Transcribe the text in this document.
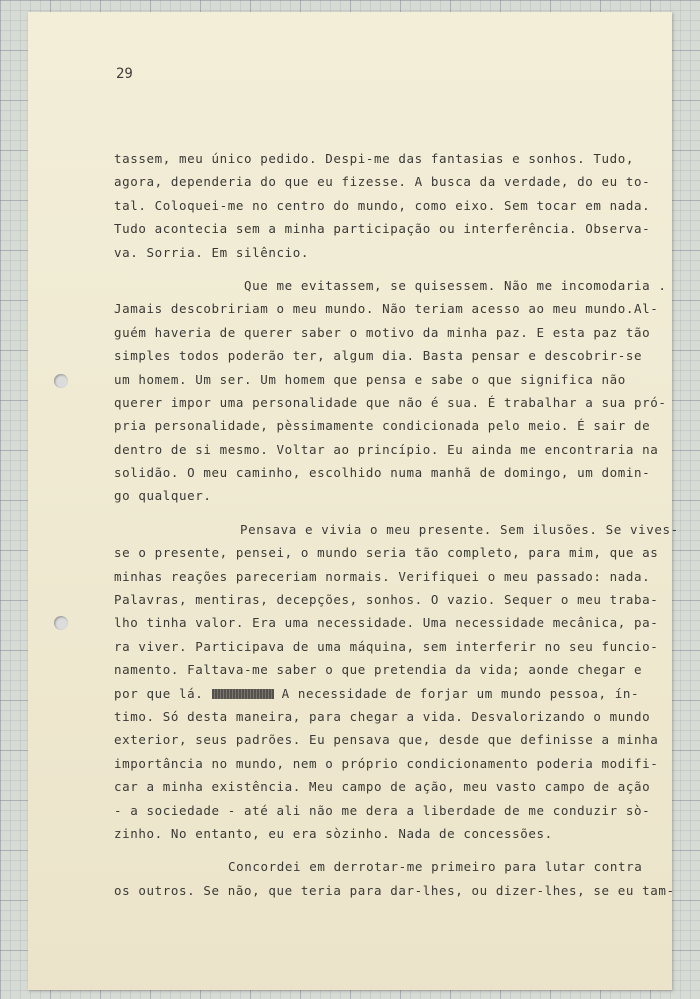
29
tassem, meu único pedido. Despi-me das fantasias e sonhos. Tudo,
agora, dependeria do que eu fizesse. A busca da verdade, do eu to-
tal. Coloquei-me no centro do mundo, como eixo. Sem tocar em nada.
Tudo acontecia sem a minha participação ou interferência. Observa-
va. Sorria. Em silêncio.
Que me evitassem, se quisessem. Não me incomodaria .
Jamais descobririam o meu mundo. Não teriam acesso ao meu mundo.Al-
guém haveria de querer saber o motivo da minha paz. E esta paz tão
simples todos poderão ter, algum dia. Basta pensar e descobrir-se
um homem. Um ser. Um homem que pensa e sabe o que significa não
querer impor uma personalidade que não é sua. É trabalhar a sua pró-
pria personalidade, pèssimamente condicionada pelo meio. É sair de
dentro de si mesmo. Voltar ao princípio. Eu ainda me encontraria na
solidão. O meu caminho, escolhido numa manhã de domingo, um domin-
go qualquer.
Pensava e vivia o meu presente. Sem ilusões. Se vives-
se o presente, pensei, o mundo seria tão completo, para mim, que as
minhas reações pareceriam normais. Verifiquei o meu passado: nada.
Palavras, mentiras, decepções, sonhos. O vazio. Sequer o meu traba-
lho tinha valor. Era uma necessidade. Uma necessidade mecânica, pa-
ra viver. Participava de uma máquina, sem interferir no seu funcio-
namento. Faltava-me saber o que pretendia da vida; aonde chegar e
por que lá.	A necessidade de forjar um mundo pessoa, ín-
timo. Só desta maneira, para chegar a vida. Desvalorizando o mundo
exterior, seus padrões. Eu pensava que, desde que definisse a minha
importância no mundo, nem o próprio condicionamento poderia modifi-
car a minha existência. Meu campo de ação, meu vasto campo de ação
- a sociedade - até ali não me dera a liberdade de me conduzir sò-
zinho. No entanto, eu era sòzinho. Nada de concessões.
Concordei em derrotar-me primeiro para lutar contra
os outros. Se não, que teria para dar-lhes, ou dizer-lhes, se eu tam-
